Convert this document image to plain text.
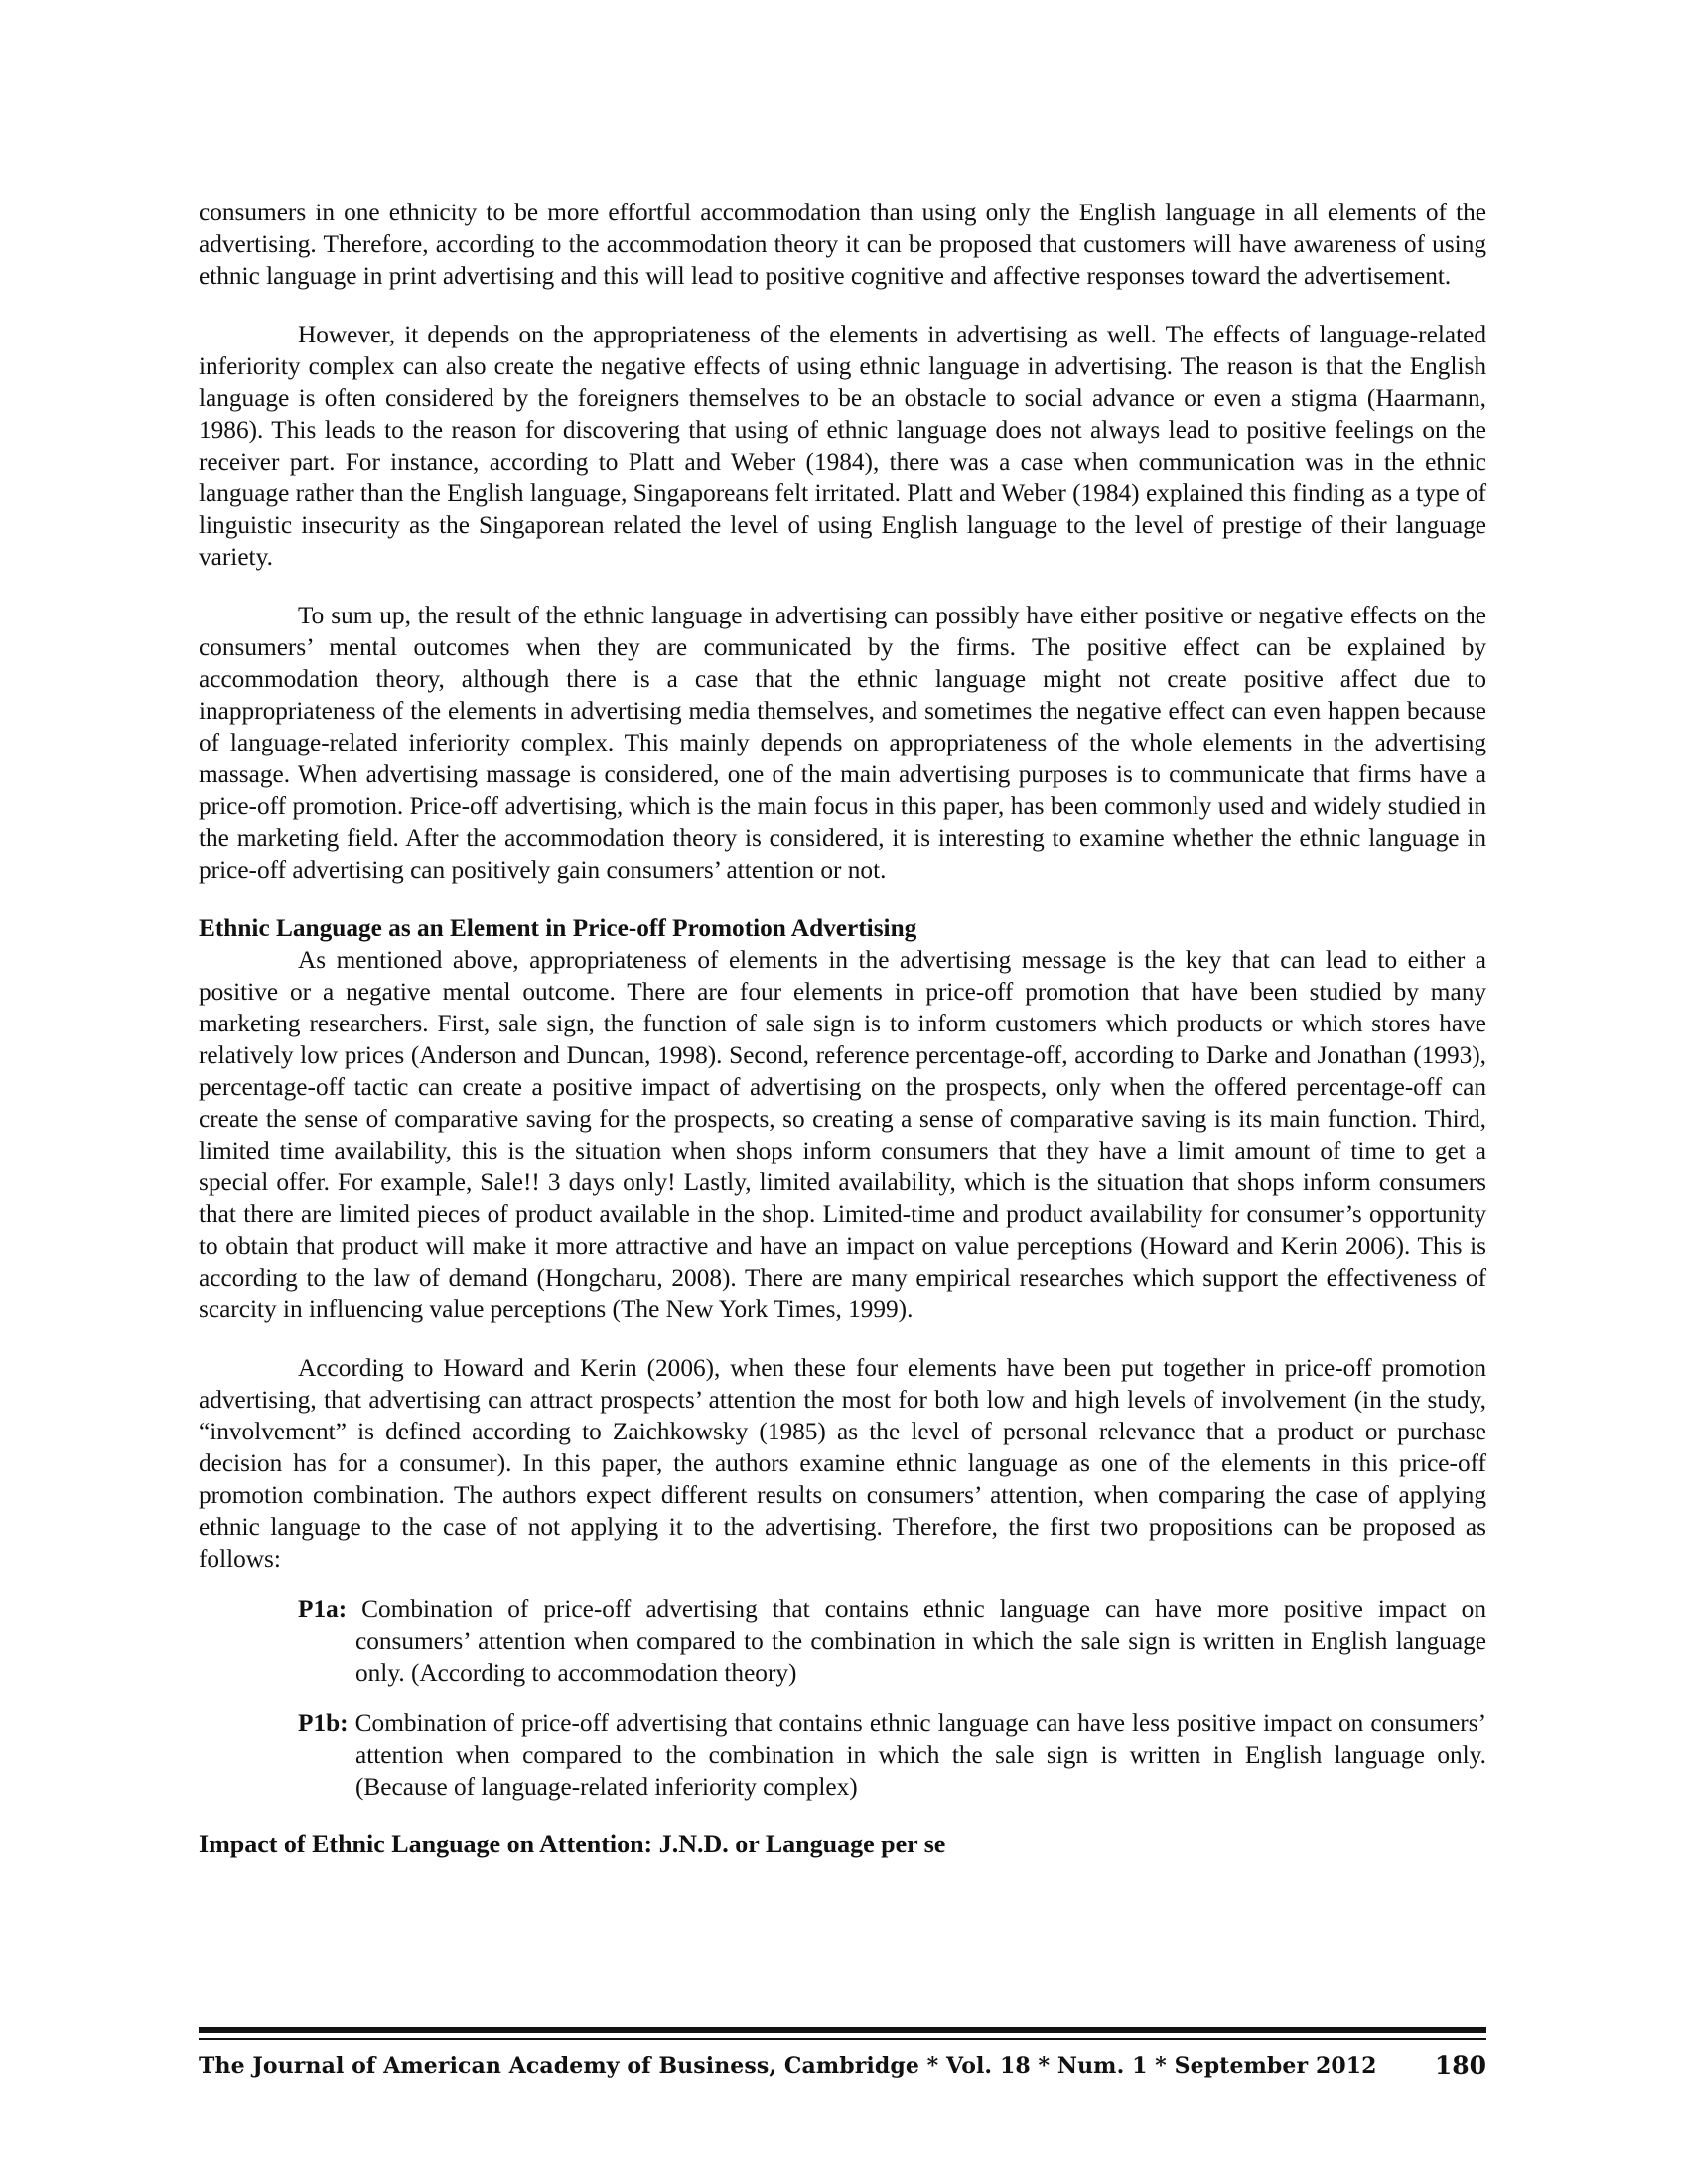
consumers in one ethnicity to be more effortful accommodation than using only the English language in all elements of the advertising. Therefore, according to the accommodation theory it can be proposed that customers will have awareness of using ethnic language in print advertising and this will lead to positive cognitive and affective responses toward the advertisement.

However, it depends on the appropriateness of the elements in advertising as well. The effects of language-related inferiority complex can also create the negative effects of using ethnic language in advertising. The reason is that the English language is often considered by the foreigners themselves to be an obstacle to social advance or even a stigma (Haarmann, 1986). This leads to the reason for discovering that using of ethnic language does not always lead to positive feelings on the receiver part. For instance, according to Platt and Weber (1984), there was a case when communication was in the ethnic language rather than the English language, Singaporeans felt irritated. Platt and Weber (1984) explained this finding as a type of linguistic insecurity as the Singaporean related the level of using English language to the level of prestige of their language variety.

To sum up, the result of the ethnic language in advertising can possibly have either positive or negative effects on the consumers’ mental outcomes when they are communicated by the firms. The positive effect can be explained by accommodation theory, although there is a case that the ethnic language might not create positive affect due to inappropriateness of the elements in advertising media themselves, and sometimes the negative effect can even happen because of language-related inferiority complex. This mainly depends on appropriateness of the whole elements in the advertising massage. When advertising massage is considered, one of the main advertising purposes is to communicate that firms have a price-off promotion. Price-off advertising, which is the main focus in this paper, has been commonly used and widely studied in the marketing field. After the accommodation theory is considered, it is interesting to examine whether the ethnic language in price-off advertising can positively gain consumers’ attention or not.

Ethnic Language as an Element in Price-off Promotion Advertising

As mentioned above, appropriateness of elements in the advertising message is the key that can lead to either a positive or a negative mental outcome. There are four elements in price-off promotion that have been studied by many marketing researchers. First, sale sign, the function of sale sign is to inform customers which products or which stores have relatively low prices (Anderson and Duncan, 1998). Second, reference percentage-off, according to Darke and Jonathan (1993), percentage-off tactic can create a positive impact of advertising on the prospects, only when the offered percentage-off can create the sense of comparative saving for the prospects, so creating a sense of comparative saving is its main function. Third, limited time availability, this is the situation when shops inform consumers that they have a limit amount of time to get a special offer. For example, Sale!! 3 days only! Lastly, limited availability, which is the situation that shops inform consumers that there are limited pieces of product available in the shop. Limited-time and product availability for consumer’s opportunity to obtain that product will make it more attractive and have an impact on value perceptions (Howard and Kerin 2006). This is according to the law of demand (Hongcharu, 2008). There are many empirical researches which support the effectiveness of scarcity in influencing value perceptions (The New York Times, 1999).

According to Howard and Kerin (2006), when these four elements have been put together in price-off promotion advertising, that advertising can attract prospects’ attention the most for both low and high levels of involvement (in the study, “involvement” is defined according to Zaichkowsky (1985) as the level of personal relevance that a product or purchase decision has for a consumer). In this paper, the authors examine ethnic language as one of the elements in this price-off promotion combination. The authors expect different results on consumers’ attention, when comparing the case of applying ethnic language to the case of not applying it to the advertising. Therefore, the first two propositions can be proposed as follows:

P1a: Combination of price-off advertising that contains ethnic language can have more positive impact on consumers’ attention when compared to the combination in which the sale sign is written in English language only. (According to accommodation theory)

P1b: Combination of price-off advertising that contains ethnic language can have less positive impact on consumers’ attention when compared to the combination in which the sale sign is written in English language only. (Because of language-related inferiority complex)

Impact of Ethnic Language on Attention: J.N.D. or Language per se
The Journal of American Academy of Business, Cambridge * Vol. 18 * Num. 1 * September 2012 180
